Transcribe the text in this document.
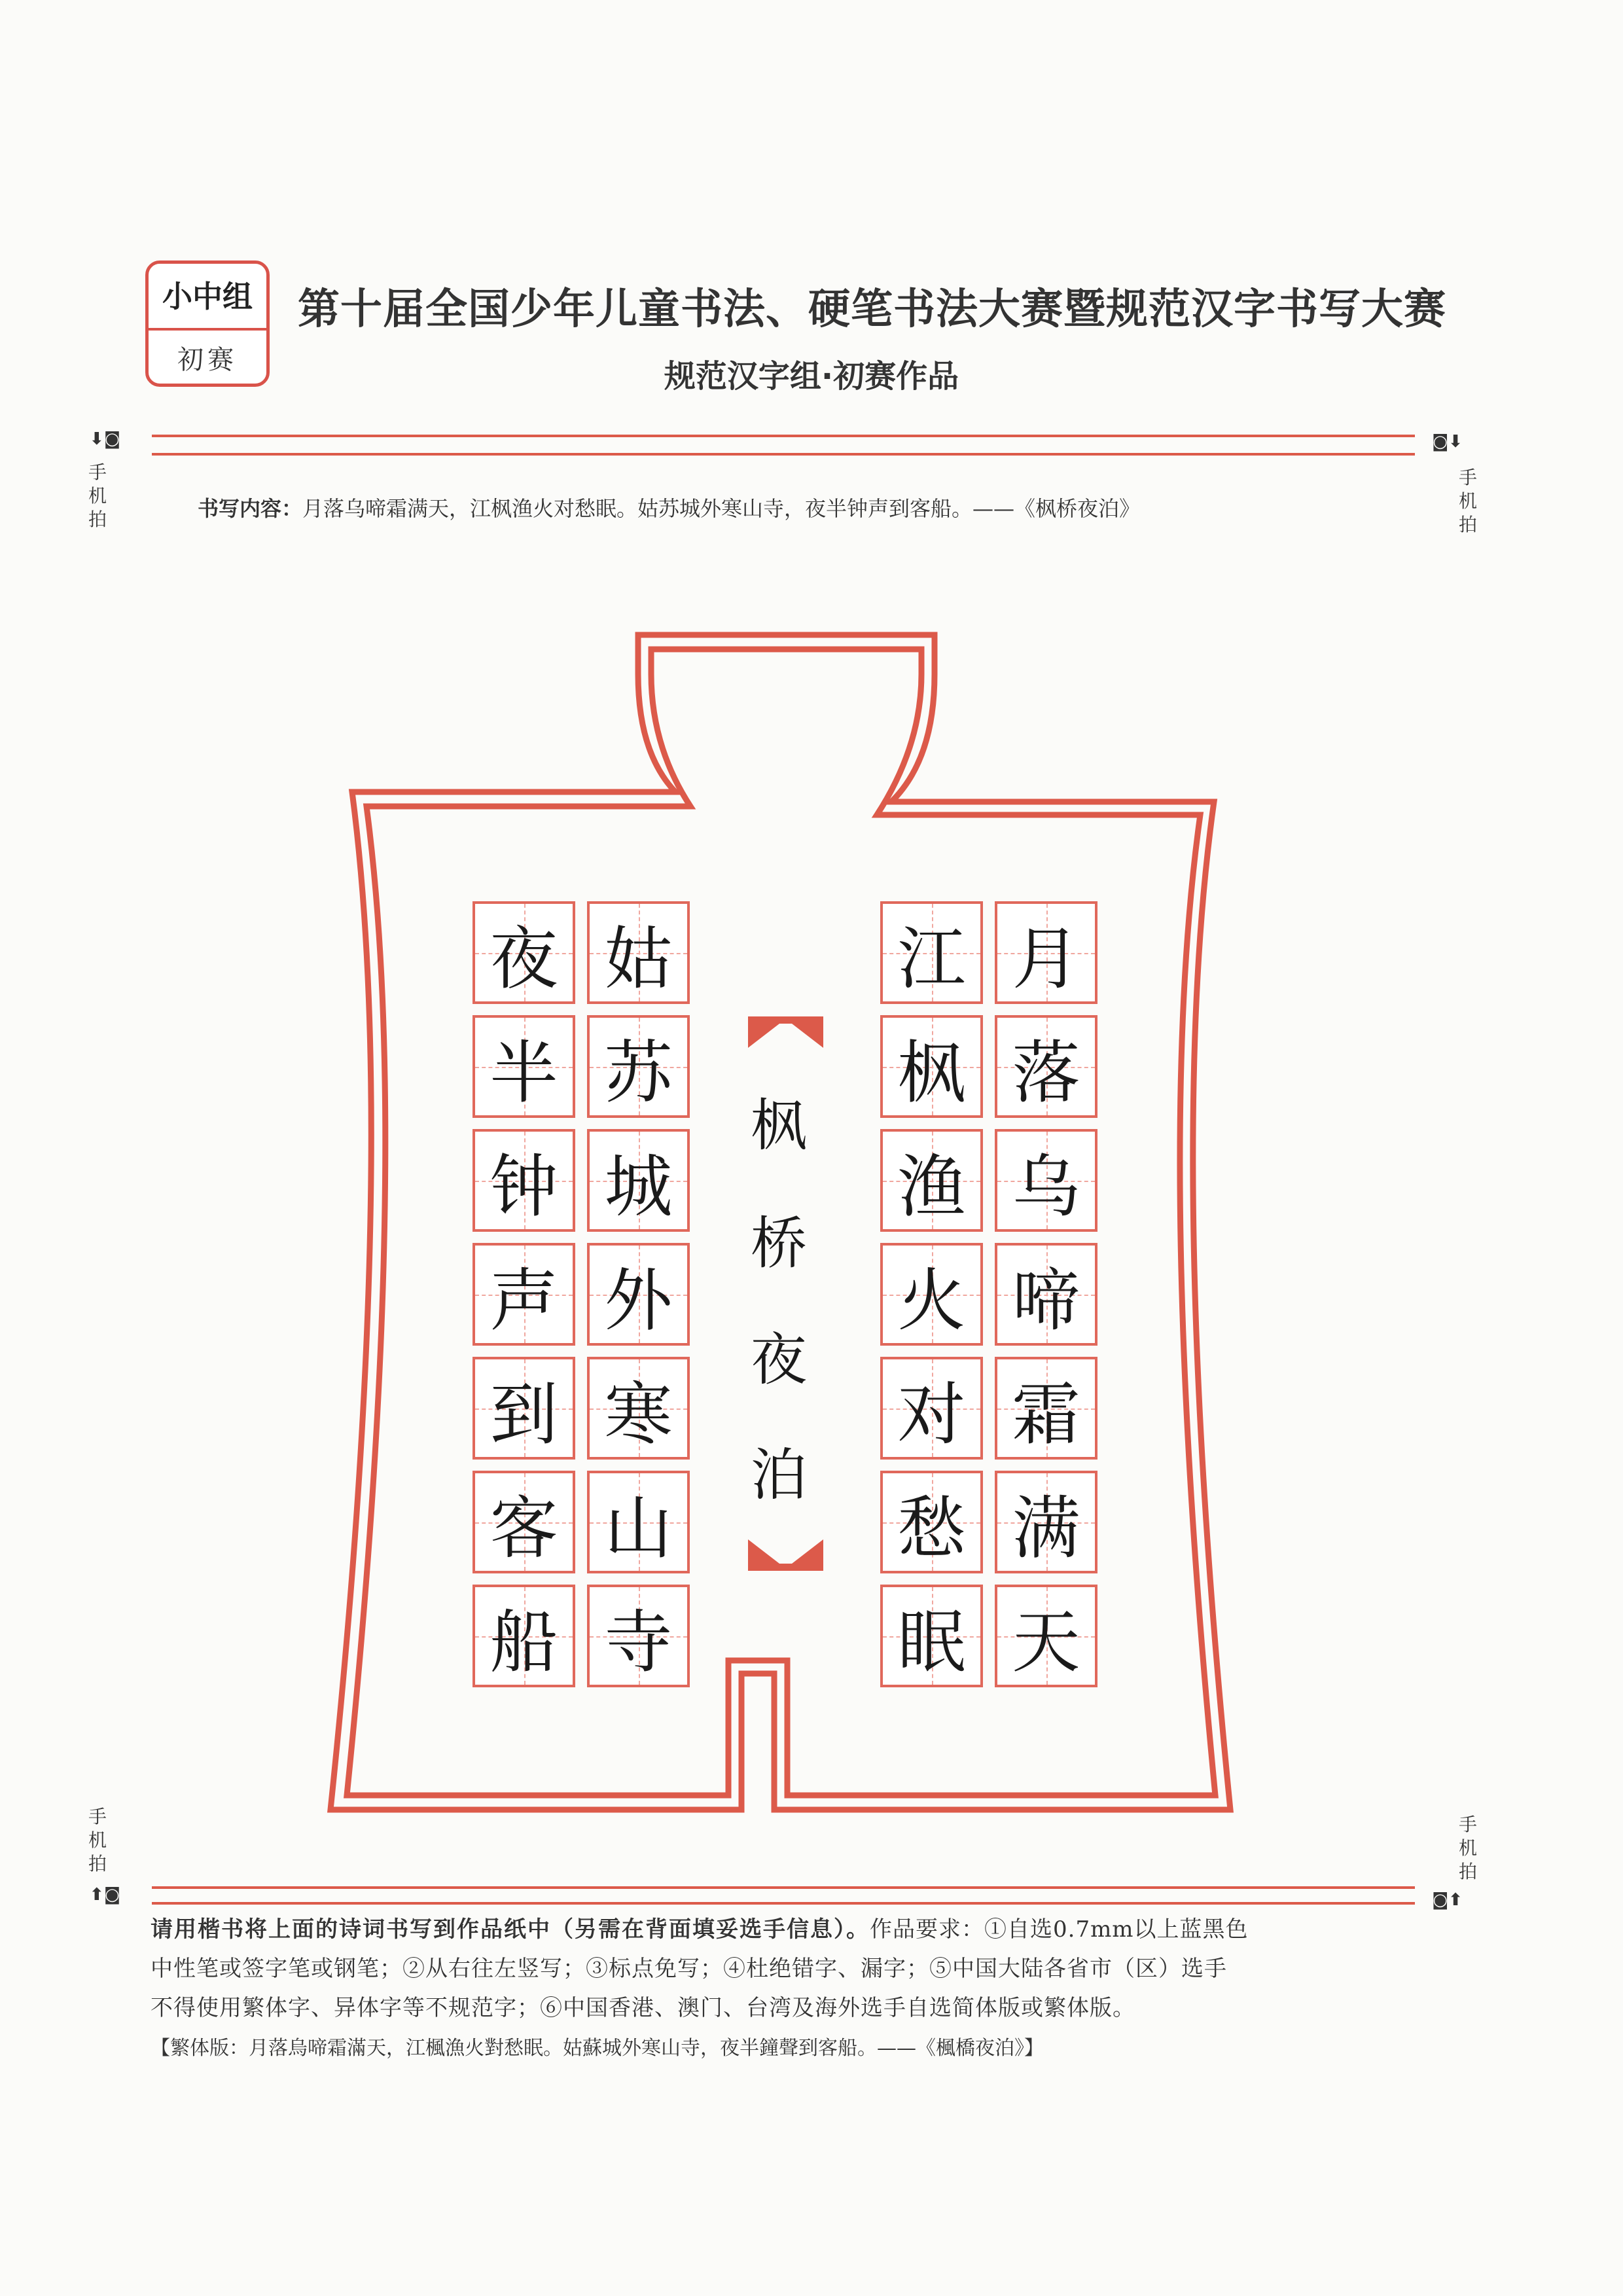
小中组
初赛
第十届全国少年儿童书法、硬笔书法大赛暨规范汉字书写大赛
规范汉字组·初赛作品
⬇◙
手机拍
◙⬇
手机拍
书写内容：月落乌啼霜满天，江枫渔火对愁眠。姑苏城外寒山寺，夜半钟声到客船。——《枫桥夜泊》
枫
桥
夜
泊
月
落
乌
啼
霜
满
天
江
枫
渔
火
对
愁
眠
姑
苏
城
外
寒
山
寺
夜
半
钟
声
到
客
船
手机拍
手机拍
⬆◙	◙⬆
请用楷书将上面的诗词书写到作品纸中（另需在背面填妥选手信息）。作品要求：①自选0.7mm以上蓝黑色
中性笔或签字笔或钢笔；②从右往左竖写；③标点免写；④杜绝错字、漏字；⑤中国大陆各省市（区）选手
不得使用繁体字、异体字等不规范字；⑥中国香港、澳门、台湾及海外选手自选简体版或繁体版。
【繁体版：月落烏啼霜滿天，江楓漁火對愁眠。姑蘇城外寒山寺，夜半鐘聲到客船。——《楓橋夜泊》】
